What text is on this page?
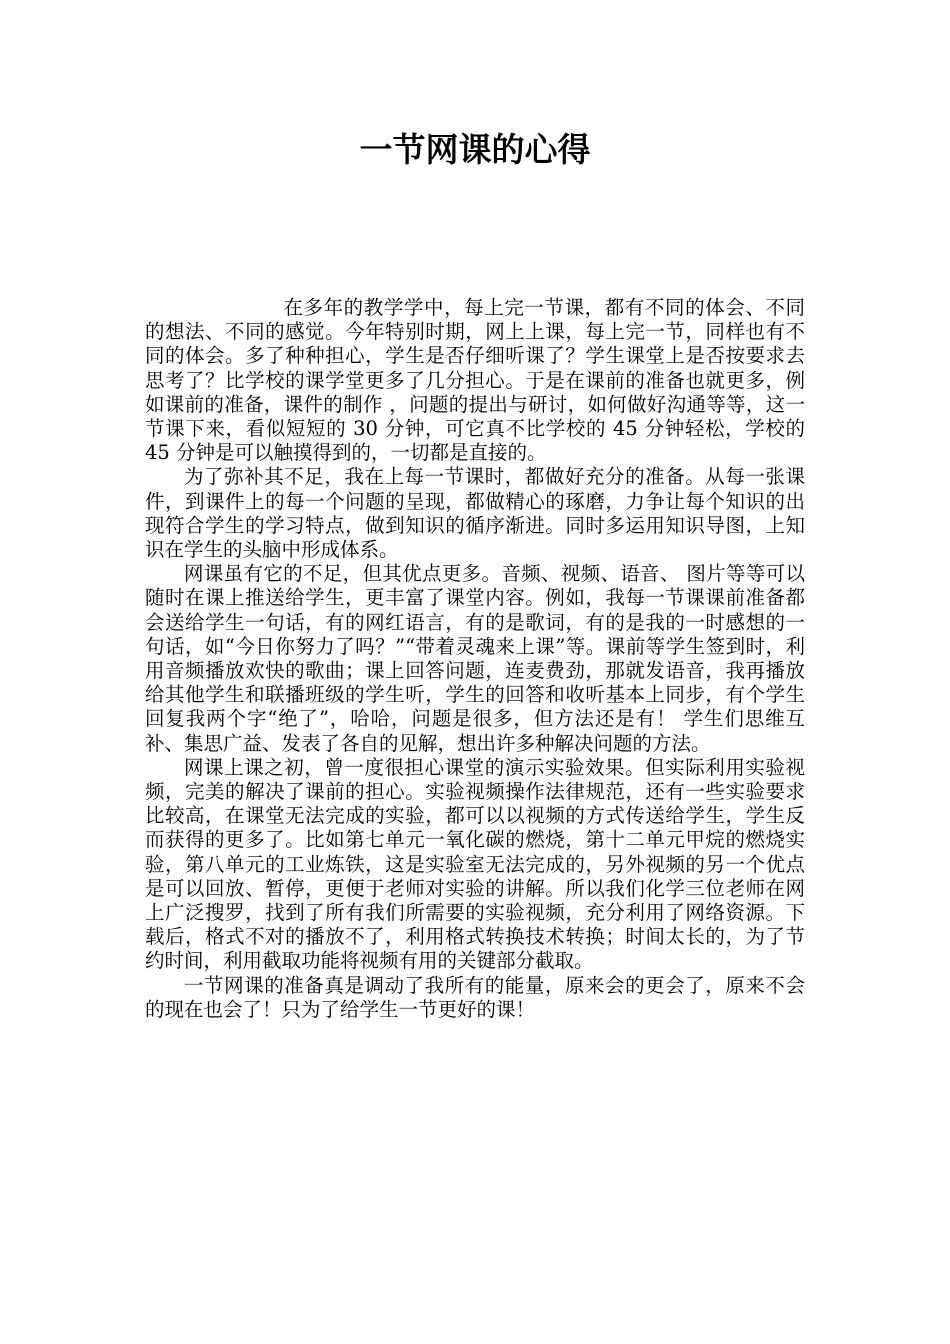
一节网课的心得

在多年的教学学中，每上完一节课，都有不同的体会、不同的想法、不同的感觉。今年特别时期，网上上课，每上完一节，同样也有不同的体会。多了种种担心，学生是否仔细听课了？学生课堂上是否按要求去思考了？比学校的课学堂更多了几分担心。于是在课前的准备也就更多，例如课前的准备，课件的制作 ，问题的提出与研讨，如何做好沟通等等，这一节课下来，看似短短的 30 分钟，可它真不比学校的 45 分钟轻松，学校的 45 分钟是可以触摸得到的，一切都是直接的。

为了弥补其不足，我在上每一节课时，都做好充分的准备。从每一张课件，到课件上的每一个问题的呈现，都做精心的琢磨，力争让每个知识的出现符合学生的学习特点，做到知识的循序渐进。同时多运用知识导图，上知识在学生的头脑中形成体系。

网课虽有它的不足，但其优点更多。音频、视频、语音、 图片等等可以随时在课上推送给学生，更丰富了课堂内容。例如，我每一节课课前准备都会送给学生一句话，有的网红语言，有的是歌词，有的是我的一时感想的一句话，如“今日你努力了吗？”“带着灵魂来上课”等。课前等学生签到时，利用音频播放欢快的歌曲；课上回答问题，连麦费劲，那就发语音，我再播放给其他学生和联播班级的学生听，学生的回答和收听基本上同步，有个学生回复我两个字“绝了”，哈哈，问题是很多，但方法还是有！ 学生们思维互补、集思广益、发表了各自的见解，想出许多种解决问题的方法。

网课上课之初，曾一度很担心课堂的演示实验效果。但实际利用实验视频，完美的解决了课前的担心。实验视频操作法律规范，还有一些实验要求比较高，在课堂无法完成的实验，都可以以视频的方式传送给学生，学生反而获得的更多了。比如第七单元一氧化碳的燃烧，第十二单元甲烷的燃烧实验，第八单元的工业炼铁，这是实验室无法完成的，另外视频的另一个优点是可以回放、暂停，更便于老师对实验的讲解。所以我们化学三位老师在网上广泛搜罗，找到了所有我们所需要的实验视频，充分利用了网络资源。下载后，格式不对的播放不了，利用格式转换技术转换；时间太长的，为了节约时间，利用截取功能将视频有用的关键部分截取。

一节网课的准备真是调动了我所有的能量，原来会的更会了，原来不会的现在也会了！只为了给学生一节更好的课！
